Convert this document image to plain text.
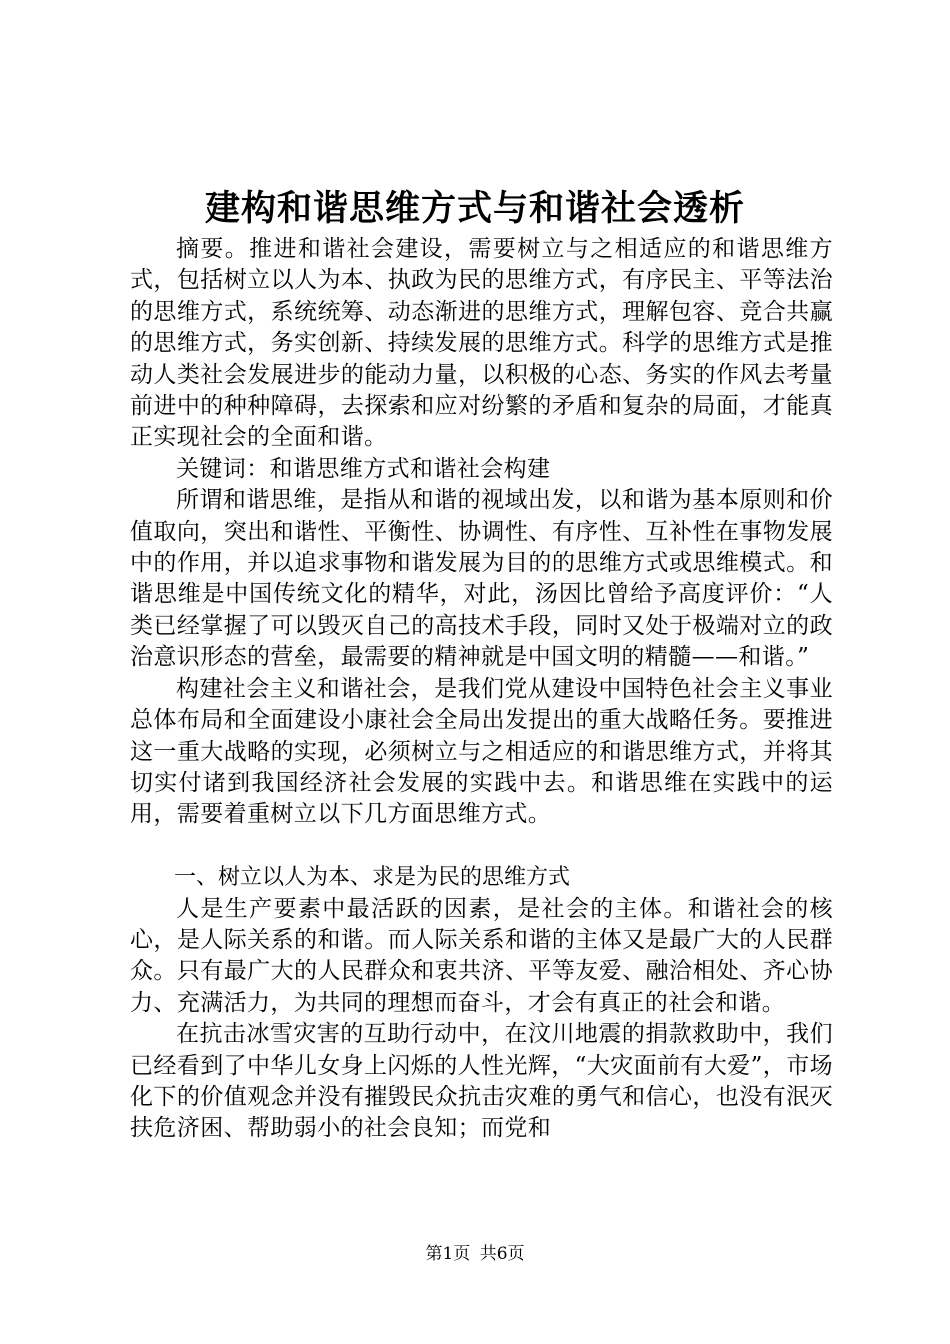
建构和谐思维方式与和谐社会透析

摘要。推进和谐社会建设，需要树立与之相适应的和谐思维方式，包括树立以人为本、执政为民的思维方式，有序民主、平等法治的思维方式，系统统筹、动态渐进的思维方式，理解包容、竞合共赢的思维方式，务实创新、持续发展的思维方式。科学的思维方式是推动人类社会发展进步的能动力量，以积极的心态、务实的作风去考量前进中的种种障碍，去探索和应对纷繁的矛盾和复杂的局面，才能真正实现社会的全面和谐。

关键词：和谐思维方式和谐社会构建

所谓和谐思维，是指从和谐的视域出发，以和谐为基本原则和价值取向，突出和谐性、平衡性、协调性、有序性、互补性在事物发展中的作用，并以追求事物和谐发展为目的的思维方式或思维模式。和谐思维是中国传统文化的精华，对此，汤因比曾给予高度评价：“人类已经掌握了可以毁灭自己的高技术手段，同时又处于极端对立的政治意识形态的营垒，最需要的精神就是中国文明的精髓——和谐。”

构建社会主义和谐社会，是我们党从建设中国特色社会主义事业总体布局和全面建设小康社会全局出发提出的重大战略任务。要推进这一重大战略的实现，必须树立与之相适应的和谐思维方式，并将其切实付诸到我国经济社会发展的实践中去。和谐思维在实践中的运用，需要着重树立以下几方面思维方式。

一、树立以人为本、求是为民的思维方式

人是生产要素中最活跃的因素，是社会的主体。和谐社会的核心，是人际关系的和谐。而人际关系和谐的主体又是最广大的人民群众。只有最广大的人民群众和衷共济、平等友爱、融洽相处、齐心协力、充满活力，为共同的理想而奋斗，才会有真正的社会和谐。

在抗击冰雪灾害的互助行动中，在汶川地震的捐款救助中，我们已经看到了中华儿女身上闪烁的人性光辉，“大灾面前有大爱”，市场化下的价值观念并没有摧毁民众抗击灾难的勇气和信心，也没有泯灭扶危济困、帮助弱小的社会良知；而党和

第1页 共6页
